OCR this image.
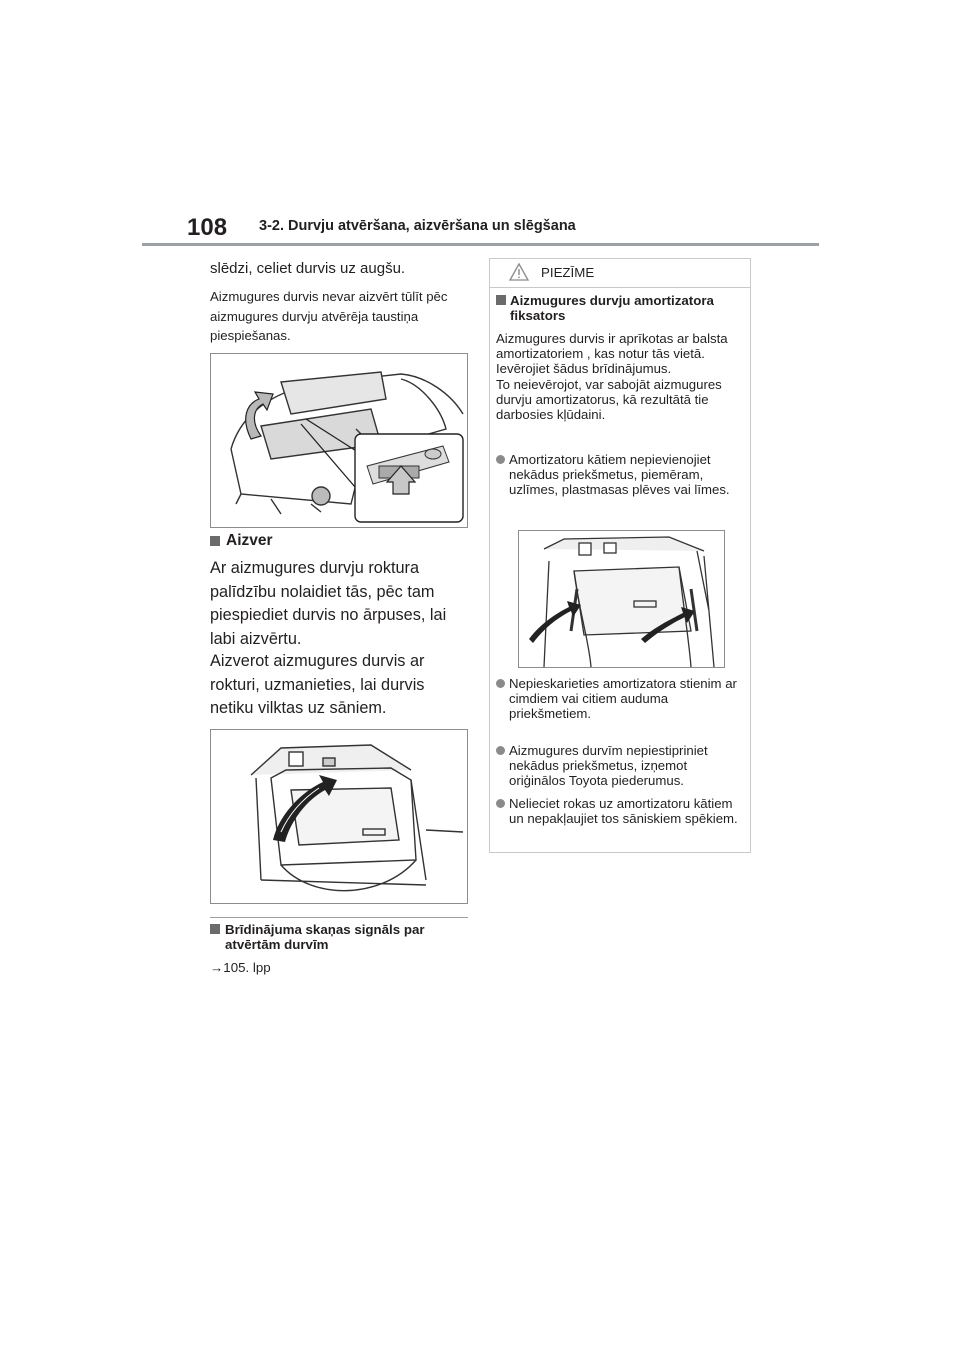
108 3-2. Durvju atvēršana, aizvēršana un slēgšana
slēdzi, celiet durvis uz augšu.
Aizmugures durvis nevar aizvērt tūlīt pēc aizmugures durvju atvērēja taustiņa piespiešanas.
Aizver
Ar aizmugures durvju roktura palīdzību nolaidiet tās, pēc tam piespiediet durvis no ārpuses, lai labi aizvērtu.
Aizverot aizmugures durvis ar rokturi, uzmanieties, lai durvis netiku vilktas uz sāniem.
Brīdinājuma skaņas signāls par atvērtām durvīm
→105. lpp
PIEZĪME
Aizmugures durvju amortizatora fiksators
Aizmugures durvis ir aprīkotas ar balsta amortizatoriem , kas notur tās vietā.
Ievērojiet šādus brīdinājumus.
To neievērojot, var sabojāt aizmugures durvju amortizatorus, kā rezultātā tie darbosies kļūdaini.
Amortizatoru kātiem nepievienojiet nekādus priekšmetus, piemēram, uzlīmes, plastmasas plēves vai līmes.
Nepieskarieties amortizatora stienim ar cimdiem vai citiem auduma priekšmetiem.
Aizmugures durvīm nepiestipriniet nekādus priekšmetus, izņemot oriģinālos Toyota piederumus.
Nelieciet rokas uz amortizatoru kātiem un nepakļaujiet tos sāniskiem spēkiem.
